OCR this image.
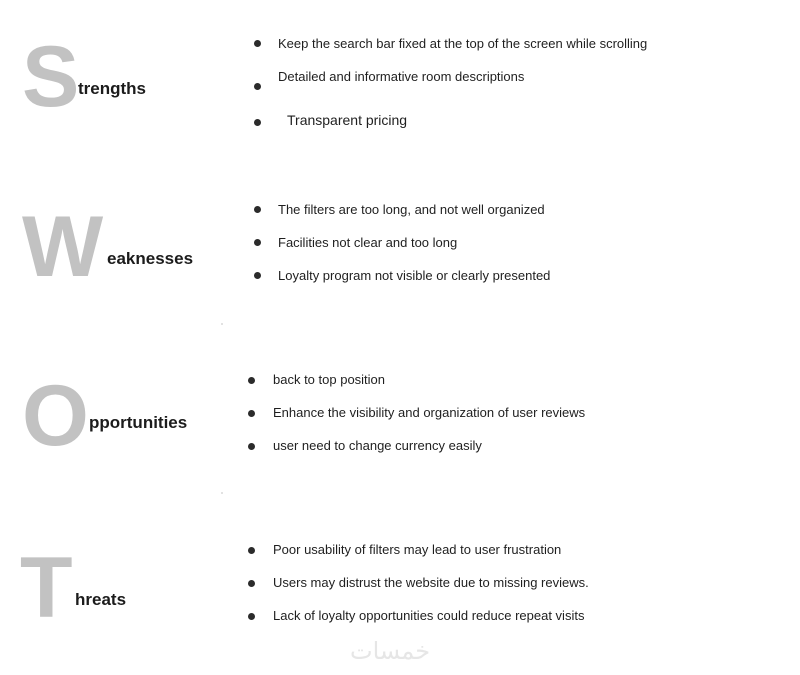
S
trengths
Keep the search bar fixed at the top of the screen while scrolling
Detailed and informative room descriptions
Transparent pricing
W eaknesses
The filters are too long, and not well organized
Facilities not clear and too long
Loyalty program not visible or clearly presented
O pportunities
back to top position
Enhance the visibility and organization of user reviews
user need to change currency easily
T hreats
Poor usability of filters may lead to user frustration
Users may distrust the website due to missing reviews.
Lack of loyalty opportunities could reduce repeat visits
خمسات
